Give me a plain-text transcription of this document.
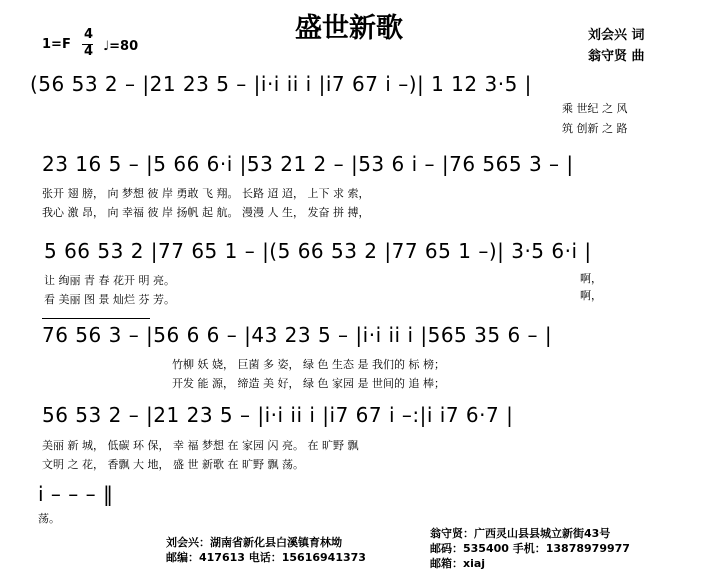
盛世新歌
1=F
4
4 ♩=80
刘会兴 词
翁守贤 曲
(56 53 2 – |21 23 5 – |i·i ii i |i7 67 i –)| 1 12 3·5 |
乘 世纪 之 风
筑 创新 之 路
23 16 5 – |5 66 6·i |53 21 2 – |53 6 i – |76 565 3 – |
张开 翅 膀， 向 梦想 彼 岸 勇敢 飞 翔。 长路 迢 迢， 上下 求 索，
我心 激 昂， 向 幸福 彼 岸 扬帆 起 航。 漫漫 人 生， 发奋 拼 搏，
5 66 53 2 |77 65 1 – |(5 66 53 2 |77 65 1 –)| 3·5 6·i |
让 绚丽 青 春 花开 明 亮。
看 美丽 图 景 灿烂 芬 芳。
啊，
啊，
76 56 3 – |56 6 6 – |43 23 5 – |i·i ii i |565 35 6 – |
竹柳 妖 娆， 巨菌 多 姿， 绿 色 生态 是 我们的 标 榜；
开发 能 源， 缔造 美 好， 绿 色 家园 是 世间的 追 棒；
56 53 2 – |21 23 5 – |i·i ii i |i7 67 i –:|i i7 6·7 |
美丽 新 城， 低碳 环 保， 幸 福 梦想 在 家园 闪 亮。 在 旷野 飘
文明 之 花， 香飘 大 地， 盛 世 新歌 在 旷野 飘 荡。
i – – – ‖
荡。
刘会兴：湖南省新化县白溪镇育林坳
邮编：417613 电话：15616941373
翁守贤：广西灵山县县城立新街43号
邮码：535400 手机：13878979977
邮箱：xiaj
